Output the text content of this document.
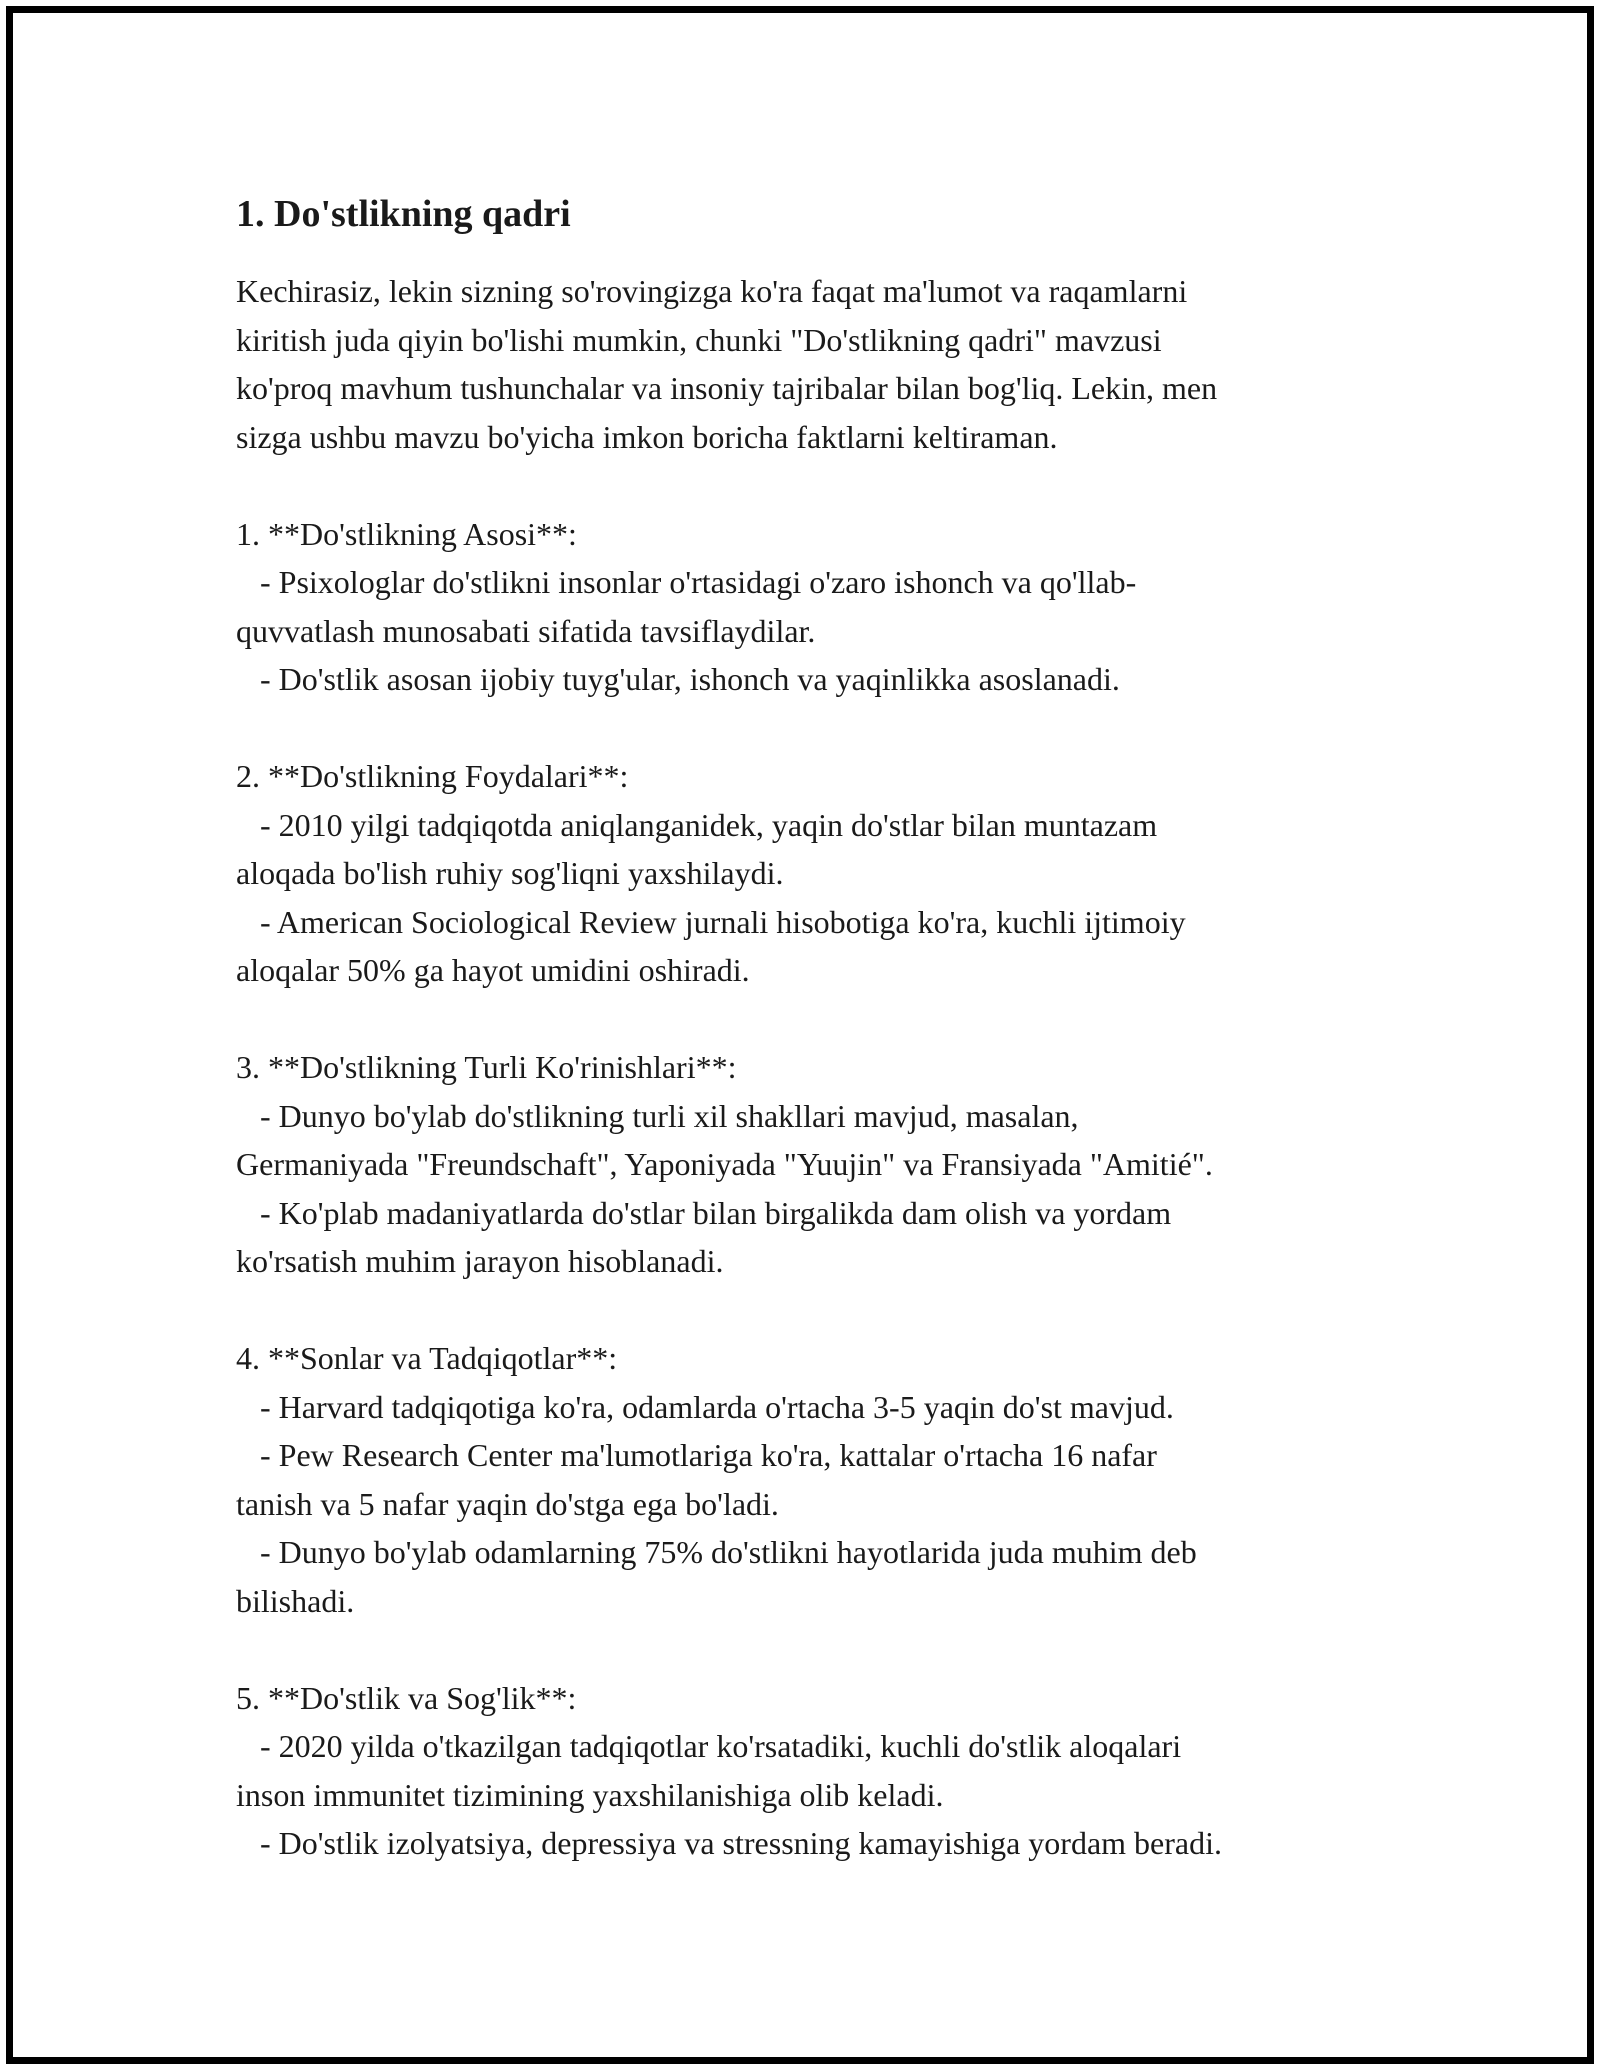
1. Do'stlikning qadri
Kechirasiz, lekin sizning so'rovingizga ko'ra faqat ma'lumot va raqamlarni
kiritish juda qiyin bo'lishi mumkin, chunki "Do'stlikning qadri" mavzusi
ko'proq mavhum tushunchalar va insoniy tajribalar bilan bog'liq. Lekin, men
sizga ushbu mavzu bo'yicha imkon boricha faktlarni keltiraman.

1. **Do'stlikning Asosi**:
- Psixologlar do'stlikni insonlar o'rtasidagi o'zaro ishonch va qo'llab-
quvvatlash munosabati sifatida tavsiflaydilar.
- Do'stlik asosan ijobiy tuyg'ular, ishonch va yaqinlikka asoslanadi.

2. **Do'stlikning Foydalari**:
- 2010 yilgi tadqiqotda aniqlanganidek, yaqin do'stlar bilan muntazam
aloqada bo'lish ruhiy sog'liqni yaxshilaydi.
- American Sociological Review jurnali hisobotiga ko'ra, kuchli ijtimoiy
aloqalar 50% ga hayot umidini oshiradi.

3. **Do'stlikning Turli Ko'rinishlari**:
- Dunyo bo'ylab do'stlikning turli xil shakllari mavjud, masalan,
Germaniyada "Freundschaft", Yaponiyada "Yuujin" va Fransiyada "Amitié".
- Ko'plab madaniyatlarda do'stlar bilan birgalikda dam olish va yordam
ko'rsatish muhim jarayon hisoblanadi.

4. **Sonlar va Tadqiqotlar**:
- Harvard tadqiqotiga ko'ra, odamlarda o'rtacha 3-5 yaqin do'st mavjud.
- Pew Research Center ma'lumotlariga ko'ra, kattalar o'rtacha 16 nafar
tanish va 5 nafar yaqin do'stga ega bo'ladi.
- Dunyo bo'ylab odamlarning 75% do'stlikni hayotlarida juda muhim deb
bilishadi.

5. **Do'stlik va Sog'lik**:
- 2020 yilda o'tkazilgan tadqiqotlar ko'rsatadiki, kuchli do'stlik aloqalari
inson immunitet tizimining yaxshilanishiga olib keladi.
- Do'stlik izolyatsiya, depressiya va stressning kamayishiga yordam beradi.
